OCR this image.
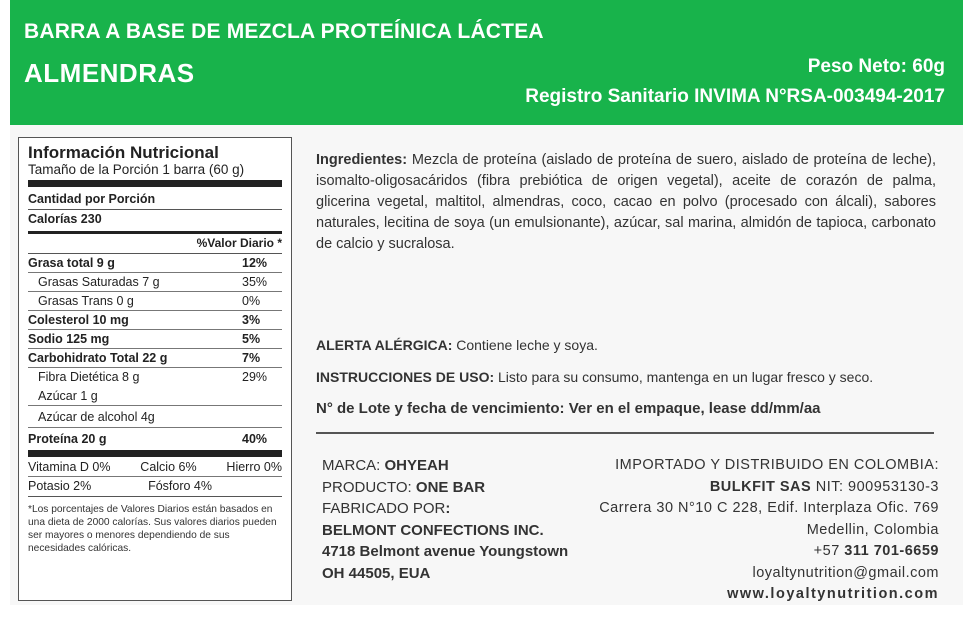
BARRA A BASE DE MEZCLA PROTEÍNICA LÁCTEA
ALMENDRAS	Peso Neto: 60g
Registro Sanitario INVIMA N°RSA-003494-2017
Información Nutricional
Tamaño de la Porción 1 barra (60 g)
Cantidad por Porción
Calorías 230
%Valor Diario *
Grasa total 9 g	12%
Grasas Saturadas 7 g	35%
Grasas Trans 0 g	0%
Colesterol 10 mg	3%
Sodio 125 mg	5%
Carbohidrato Total 22 g	7%
Fibra Dietética 8 g	29%
Azúcar 1 g
Azúcar de alcohol 4g
Proteína 20 g	40%
Vitamina D 0% Calcio 6% Hierro 0%
Potasio 2%	Fósforo 4%
*Los porcentajes de Valores Diarios están basados en una dieta de 2000 calorías. Sus valores diarios pueden ser mayores o menores dependiendo de sus necesidades calóricas.
Ingredientes: Mezcla de proteína (aislado de proteína de suero, aislado de proteína de leche), isomalto-oligosacáridos (fibra prebiótica de origen vegetal), aceite de corazón de palma, glicerina vegetal, maltitol, almendras, coco, cacao en polvo (procesado con álcali), sabores naturales, lecitina de soya (un emulsionante), azúcar, sal marina, almidón de tapioca, carbonato de calcio y sucralosa.
ALERTA ALÉRGICA: Contiene leche y soya.
INSTRUCCIONES DE USO: Listo para su consumo, mantenga en un lugar fresco y seco.
N° de Lote y fecha de vencimiento: Ver en el empaque, lease dd/mm/aa
MARCA: OHYEAH
PRODUCTO: ONE BAR
FABRICADO POR:
BELMONT CONFECTIONS INC.
4718 Belmont avenue Youngstown
OH 44505, EUA
IMPORTADO Y DISTRIBUIDO EN COLOMBIA:
BULKFIT SAS NIT: 900953130-3
Carrera 30 N°10 C 228, Edif. Interplaza Ofic. 769
Medellin, Colombia
+57 311 701-6659
loyaltynutrition@gmail.com
www.loyaltynutrition.com
